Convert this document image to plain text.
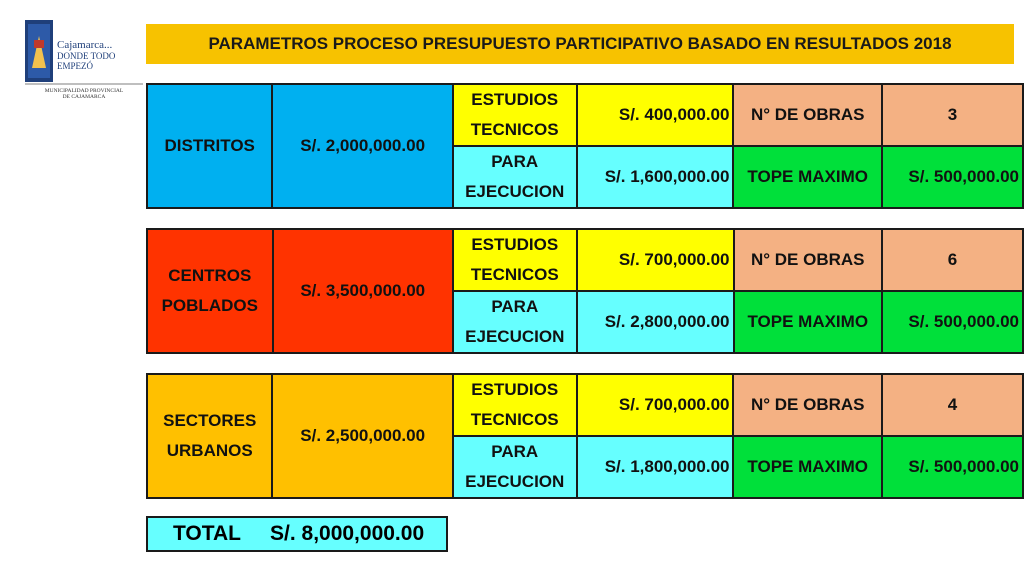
Cajamarca...
DONDE TODO
EMPEZÓ
MUNICIPALIDAD PROVINCIAL
DE CAJAMARCA
PARAMETROS PROCESO PRESUPUESTO PARTICIPATIVO BASADO EN RESULTADOS 2018
DISTRITOS	S/. 2,000,000.00	ESTUDIOS TECNICOS	S/. 400,000.00	N° DE OBRAS	3
		PARA EJECUCION	S/. 1,600,000.00	TOPE MAXIMO	S/. 500,000.00
CENTROS POBLADOS	S/. 3,500,000.00	ESTUDIOS TECNICOS	S/. 700,000.00	N° DE OBRAS	6
		PARA EJECUCION	S/. 2,800,000.00	TOPE MAXIMO	S/. 500,000.00
SECTORES URBANOS	S/. 2,500,000.00	ESTUDIOS TECNICOS	S/. 700,000.00	N° DE OBRAS	4
		PARA EJECUCION	S/. 1,800,000.00	TOPE MAXIMO	S/. 500,000.00
TOTAL	S/. 8,000,000.00
